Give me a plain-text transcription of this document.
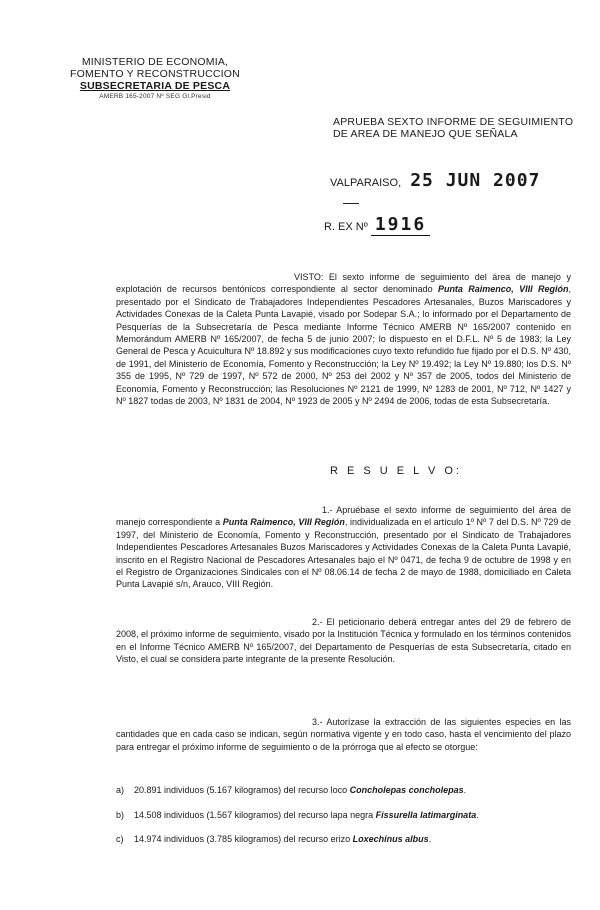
MINISTERIO DE ECONOMIA,
FOMENTO Y RECONSTRUCCION
SUBSECRETARIA DE PESCA
AMERB 165-2007 Nº SEG Gl.Presid
APRUEBA SEXTO INFORME DE SEGUIMIENTO
DE AREA DE MANEJO QUE SEÑALA
VALPARAISO, 25 JUN 2007
R. EX Nº 1916
VISTO: El sexto informe de seguimiento del área de manejo y explotación de recursos bentónicos correspondiente al sector denominado Punta Raimenco, VIII Región, presentado por el Sindicato de Trabajadores Independientes Pescadores Artesanales, Buzos Mariscadores y Actividades Conexas de la Caleta Punta Lavapié, visado por Sodepar S.A.; lo informado por el Departamento de Pesquerías de la Subsecretaría de Pesca mediante Informe Técnico AMERB Nº 165/2007 contenido en Memorándum AMERB Nº 165/2007, de fecha 5 de junio 2007; lo dispuesto en el D.F.L. Nº 5 de 1983; la Ley General de Pesca y Acuicultura Nº 18.892 y sus modificaciones cuyo texto refundido fue fijado por el D.S. Nº 430, de 1991, del Ministerio de Economía, Fomento y Reconstrucción; la Ley Nº 19.492; la Ley Nº 19.880; los D.S. Nº 355 de 1995, Nº 729 de 1997, Nº 572 de 2000, Nº 253 del 2002 y Nº 357 de 2005, todos del Ministerio de Economía, Fomento y Reconstrucción; las Resoluciones Nº 2121 de 1999, Nº 1283 de 2001, Nº 712, Nº 1427 y Nº 1827 todas de 2003, Nº 1831 de 2004, Nº 1923 de 2005 y Nº 2494 de 2006, todas de esta Subsecretaría.
R E S U E L V O:
1.- Apruébase el sexto informe de seguimiento del área de manejo correspondiente a Punta Raimenco, VIII Región, individualizada en el artículo 1º Nº 7 del D.S. Nº 729 de 1997, del Ministerio de Economía, Fomento y Reconstrucción, presentado por el Sindicato de Trabajadores Independientes Pescadores Artesanales Buzos Mariscadores y Actividades Conexas de la Caleta Punta Lavapié, inscrito en el Registro Nacional de Pescadores Artesanales bajo el Nº 0471, de fecha 9 de octubre de 1998 y en el Registro de Organizaciones Sindicales con el Nº 08.06.14 de fecha 2 de mayo de 1988, domiciliado en Caleta Punta Lavapié s/n, Arauco, VIII Región.
2.- El peticionario deberá entregar antes del 29 de febrero de 2008, el próximo informe de seguimiento, visado por la Institución Técnica y formulado en los términos contenidos en el Informe Técnico AMERB Nº 165/2007, del Departamento de Pesquerías de esta Subsecretaría, citado en Visto, el cual se considera parte integrante de la presente Resolución.
3.- Autorízase la extracción de las siguientes especies en las cantidades que en cada caso se indican, según normativa vigente y en todo caso, hasta el vencimiento del plazo para entregar el próximo informe de seguimiento o de la prórroga que al efecto se otorgue:
a) 20.891 individuos (5.167 kilogramos) del recurso loco Concholepas concholepas.
b) 14.508 individuos (1.567 kilogramos) del recurso lapa negra Fissurella latimarginata.
c) 14.974 individuos (3.785 kilogramos) del recurso erizo Loxechinus albus.
